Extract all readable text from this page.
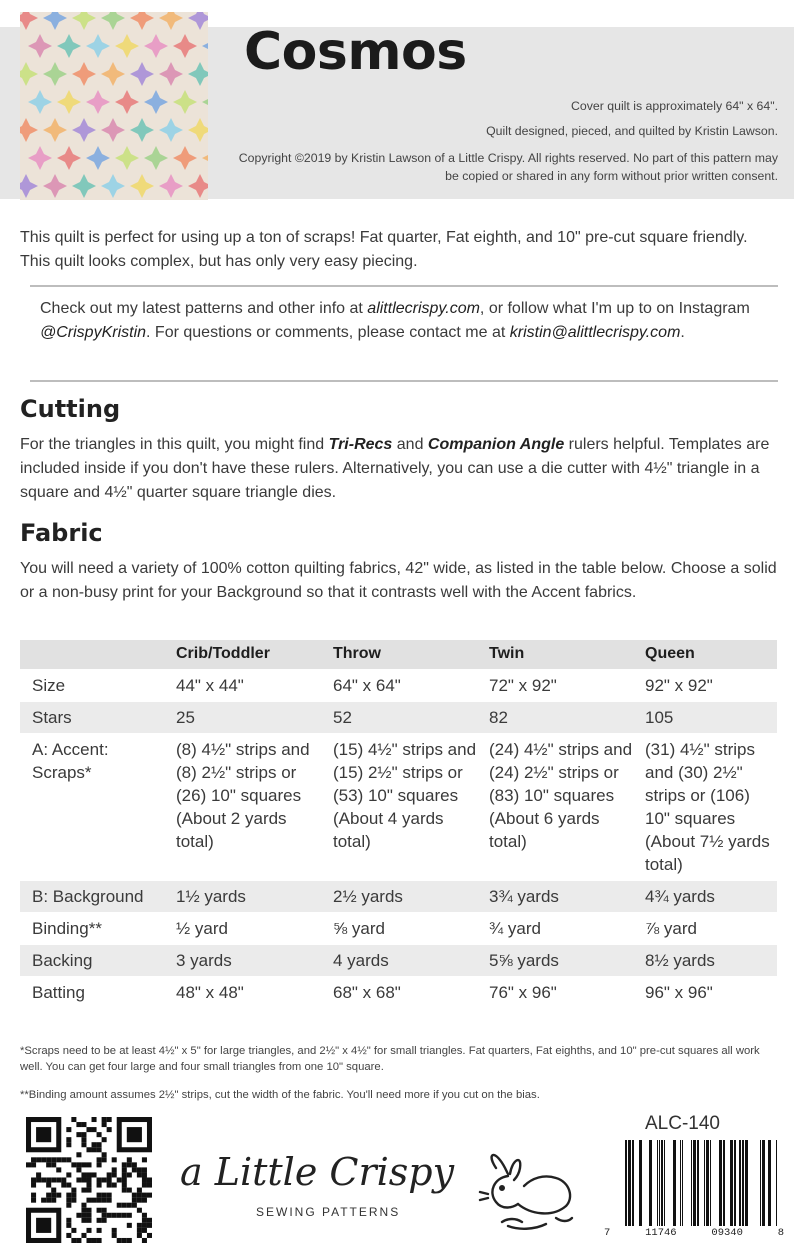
Cosmos
Cover quilt is approximately 64" x 64".
Quilt designed, pieced, and quilted by Kristin Lawson.
Copyright ©2019 by Kristin Lawson of a Little Crispy. All rights reserved. No part of this pattern may be copied or shared in any form without prior written consent.
This quilt is perfect for using up a ton of scraps! Fat quarter, Fat eighth, and 10" pre-cut square friendly. This quilt looks complex, but has only very easy piecing.
Check out my latest patterns and other info at alittlecrispy.com, or follow what I'm up to on Instagram @CrispyKristin. For questions or comments, please contact me at kristin@alittlecrispy.com.
Cutting
For the triangles in this quilt, you might find Tri-Recs and Companion Angle rulers helpful. Templates are included inside if you don't have these rulers. Alternatively, you can use a die cutter with 4½" triangle in a square and 4½" quarter square triangle dies.
Fabric
You will need a variety of 100% cotton quilting fabrics, 42" wide, as listed in the table below. Choose a solid or a non-busy print for your Background so that it contrasts well with the Accent fabrics.
	Crib/Toddler	Throw	Twin	Queen
Size	44" x 44"	64" x 64"	72" x 92"	92" x 92"
Stars	25	52	82	105
A: Accent: Scraps*	(8) 4½" strips and (8) 2½" strips or (26) 10" squares (About 2 yards total)	(15) 4½" strips and (15) 2½" strips or (53) 10" squares (About 4 yards total)	(24) 4½" strips and (24) 2½" strips or (83) 10" squares (About 6 yards total)	(31) 4½" strips and (30) 2½" strips or (106) 10" squares (About 7½ yards total)
B: Background	1½ yards	2½ yards	3¾ yards	4¾ yards
Binding**	½ yard	⅝ yard	¾ yard	⅞ yard
Backing	3 yards	4 yards	5⅝ yards	8½ yards
Batting	48" x 48"	68" x 68"	76" x 96"	96" x 96"
*Scraps need to be at least 4½" x 5" for large triangles, and 2½" x 4½" for small triangles. Fat quarters, Fat eighths, and 10" pre-cut squares all work well. You can get four large and four small triangles from one 10" square.
**Binding amount assumes 2½" strips, cut the width of the fabric. You'll need more if you cut on the bias.
a Little Crispy
SEWING PATTERNS
ALC-140
7	11746	09340	8
